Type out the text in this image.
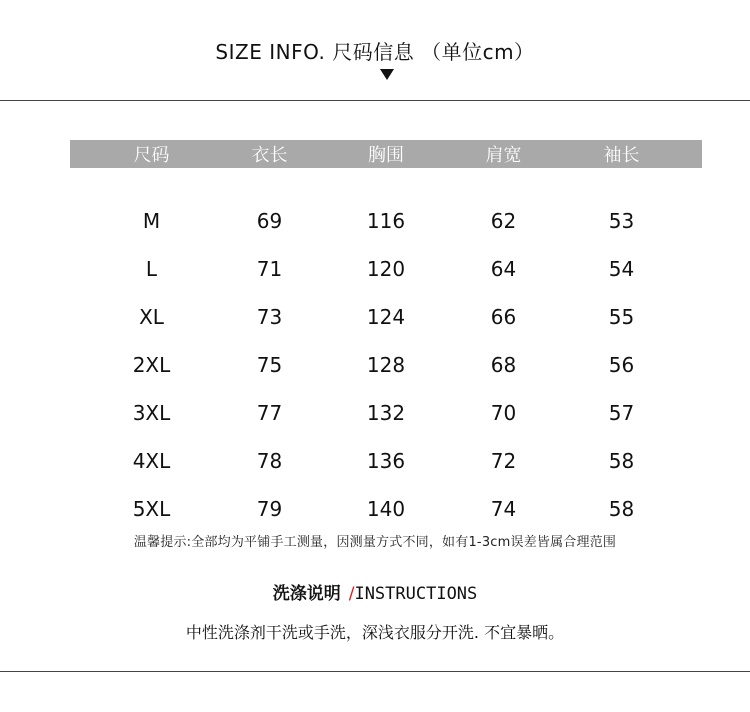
SIZE INFO. 尺码信息 （单位cm）
尺码	衣长	胸围	肩宽	袖长
M	69	116	62	53
L	71	120	64	54
XL	73	124	66	55
2XL	75	128	68	56
3XL	77	132	70	57
4XL	78	136	72	58
5XL	79	140	74	58
温馨提示:全部均为平铺手工测量，因测量方式不同，如有1-3cm误差皆属合理范围
洗涤说明 /INSTRUCTIONS
中性洗涤剂干洗或手洗，深浅衣服分开洗. 不宜暴晒。
